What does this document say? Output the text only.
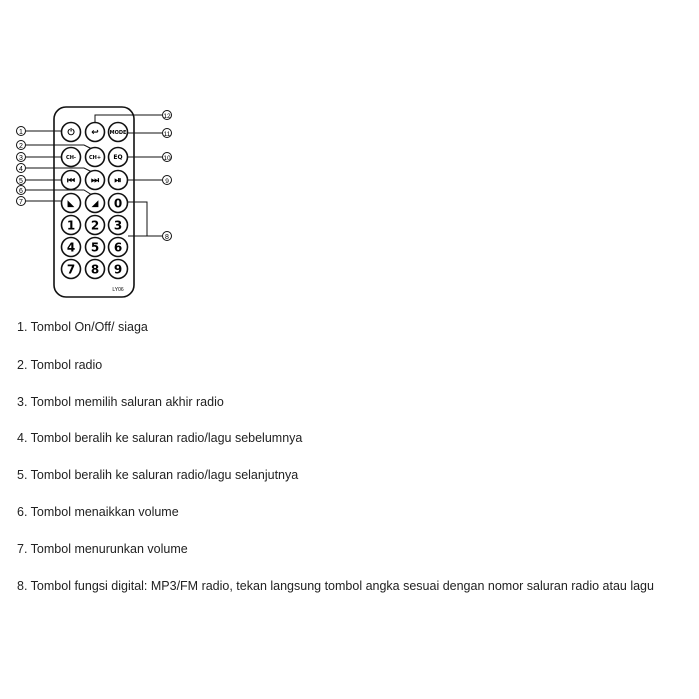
1
2
3
4
5
6
7
12
11
10
9
8
⏻ ↩ MODE
CH-	CH+ EQ
⏮ ⏭ ⏯
◣ ◢ 0
1 2 3
4 5 6
7 8 9
LY06
1. Tombol On/Off/ siaga
2. Tombol radio
3. Tombol memilih saluran akhir radio
4. Tombol beralih ke saluran radio/lagu sebelumnya
5. Tombol beralih ke saluran radio/lagu selanjutnya
6. Tombol menaikkan volume
7. Tombol menurunkan volume
8. Tombol fungsi digital: MP3/FM radio, tekan langsung tombol angka sesuai dengan nomor saluran radio atau lagu
